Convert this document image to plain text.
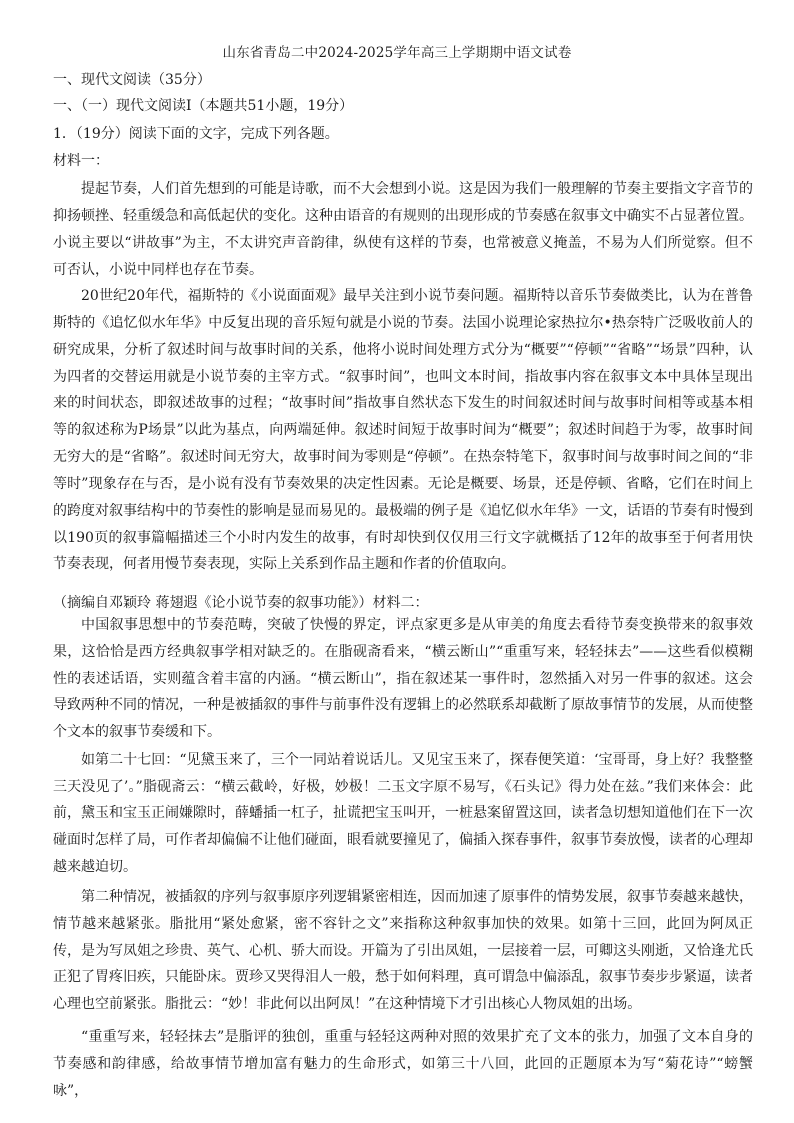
山东省青岛二中2024-2025学年高三上学期期中语文试卷
一、现代文阅读（35分）
一、（一）现代文阅读Ⅰ（本题共51小题，19分）
1．（19分）阅读下面的文字，完成下列各题。
材料一：

提起节奏，人们首先想到的可能是诗歌，而不大会想到小说。这是因为我们一般理解的节奏主要指文字音节的抑扬顿挫、轻重缓急和高低起伏的变化。这种由语音的有规则的出现形成的节奏感在叙事文中确实不占显著位置。小说主要以“讲故事”为主，不太讲究声音韵律，纵使有这样的节奏，也常被意义掩盖，不易为人们所觉察。但不可否认，小说中同样也存在节奏。

20世纪20年代，福斯特的《小说面面观》最早关注到小说节奏问题。福斯特以音乐节奏做类比，认为在普鲁斯特的《追忆似水年华》中反复出现的音乐短句就是小说的节奏。法国小说理论家热拉尔•热奈特广泛吸收前人的研究成果，分析了叙述时间与故事时间的关系，他将小说时间处理方式分为“概要”“停顿”“省略”“场景”四种，认为四者的交替运用就是小说节奏的主宰方式。“叙事时间”，也叫文本时间，指故事内容在叙事文本中具体呈现出来的时间状态，即叙述故事的过程；“故事时间”指故事自然状态下发生的时间叙述时间与故事时间相等或基本相等的叙述称为P场景”以此为基点，向两端延伸。叙述时间短于故事时间为“概要”；叙述时间趋于为零，故事时间无穷大的是“省略”。叙述时间无穷大，故事时间为零则是“停顿”。在热奈特笔下，叙事时间与故事时间之间的“非等时”现象存在与否，是小说有没有节奏效果的决定性因素。无论是概要、场景，还是停顿、省略，它们在时间上的跨度对叙事结构中的节奏性的影响是显而易见的。最极端的例子是《追忆似水年华》一文，话语的节奏有时慢到以190页的叙事篇幅描述三个小时内发生的故事，有时却快到仅仅用三行文字就概括了12年的故事至于何者用快节奏表现，何者用慢节奏表现，实际上关系到作品主题和作者的价值取向。

（摘编自邓颖玲 蒋翅遐《论小说节奏的叙事功能》）材料二：

中国叙事思想中的节奏范畴，突破了快慢的界定，评点家更多是从审美的角度去看待节奏变换带来的叙事效果，这恰恰是西方经典叙事学相对缺乏的。在脂砚斋看来，“横云断山”“重重写来，轻轻抹去”——这些看似模糊性的表述话语，实则蕴含着丰富的内涵。“横云断山”，指在叙述某一事件时，忽然插入对另一件事的叙述。这会导致两种不同的情况，一种是被插叙的事件与前事件没有逻辑上的必然联系却截断了原故事情节的发展，从而使整个文本的叙事节奏缓和下。

如第二十七回：“见黛玉来了，三个一同站着说话儿。又见宝玉来了，探春便笑道：‘宝哥哥，身上好？我整整三天没见了’。”脂砚斋云：“横云截岭，好极，妙极！二玉文字原不易写，《石头记》得力处在兹。”我们来体会：此前，黛玉和宝玉正闹嫌隙时，薛蟠插一杠子，扯谎把宝玉叫开，一桩悬案留置这回，读者急切想知道他们在下一次碰面时怎样了局，可作者却偏偏不让他们碰面，眼看就要撞见了，偏插入探春事件，叙事节奏放慢，读者的心理却越来越迫切。

第二种情况，被插叙的序列与叙事原序列逻辑紧密相连，因而加速了原事件的情势发展，叙事节奏越来越快，情节越来越紧张。脂批用“紧处愈紧，密不容针之文”来指称这种叙事加快的效果。如第十三回，此回为阿凤正传，是为写凤姐之珍贵、英气、心机、骄大而设。开篇为了引出凤姐，一层接着一层，可卿这头刚逝，又恰逢尤氏正犯了胃疼旧疾，只能卧床。贾珍又哭得泪人一般，愁于如何料理，真可谓急中偏添乱，叙事节奏步步紧逼，读者心理也空前紧张。脂批云：“妙！非此何以出阿凤！”在这种情境下才引出核心人物凤姐的出场。

“重重写来，轻轻抹去”是脂评的独创，重重与轻轻这两种对照的效果扩充了文本的张力，加强了文本自身的节奏感和韵律感，给故事情节增加富有魅力的生命形式，如第三十八回，此回的正题原本为写“菊花诗”“螃蟹咏”，
